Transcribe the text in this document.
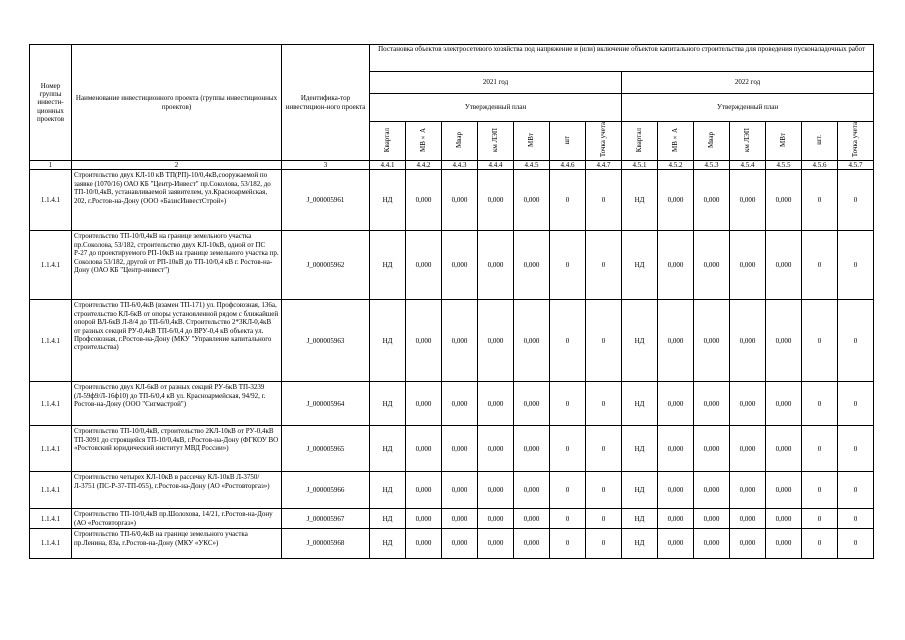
Номер группы инвести-ционных проектов	Наименование инвестиционного проекта (группы инвестиционных проектов)	Идентифика-тор инвестицион-ного проекта	Постановка объектов электросетевого хозяйства под напряжение и (или) включение объектов капитального строительства для проведения пусконаладочных работ													
			2021 год							2022 год						
			Утвержденный план							Утвержденный план						
			Квартал	МВ×А	Мвар	км ЛЭП	МВт	шт	Точка учета	Квартал	МВ×А	Мвар	км ЛЭП	МВт	шт.	Точка учета
1	2	3	4.4.1	4.4.2	4.4.3	4.4.4	4.4.5	4.4.6	4.4.7	4.5.1	4.5.2	4.5.3	4.5.4	4.5.5	4.5.6	4.5.7
1.1.4.1	Строительство двух КЛ-10 кВ ТП(РП)-10/0,4кВ,сооружаемой по заявке (1070/16) ОАО КБ "Центр-Инвест" пр.Соколова, 53/182, до ТП-10/0,4кВ, устанавливаемой заявителем, ул.Красноармейская, 202, г.Ростов-на-Дону (ООО «БазисИнвестСтрой»)	J_000005961	НД	0,000	0,000	0,000	0,000	0	0	НД	0,000	0,000	0,000	0,000	0	0
1.1.4.1	Строительство ТП-10/0,4кВ на границе земельного участка пр.Соколова, 53/182, строительство двух КЛ-10кВ, одной от ПС Р-27 до проектируемого РП-10кВ на границе земельного участка пр. Соколова 53/182, другой от РП-10кВ до ТП-10/0,4 кВ г. Ростов-на-Дону (ОАО КБ "Центр-инвест")	J_000005962	НД	0,000	0,000	0,000	0,000	0	0	НД	0,000	0,000	0,000	0,000	0	0
1.1.4.1	Строительство ТП-6/0,4кВ (взамен ТП-171) ул. Профсоюзная, 136а, строительство КЛ-6кВ от опоры установленной рядом с ближайшей опорой ВЛ-6кВ Л-8/4 до ТП-6/0,4кВ. Строительство 2*3КЛ-0,4кВ от разных секций РУ-0,4кВ ТП-6/0,4 до ВРУ-0,4 кВ объекта ул. Профсоюзная, г.Ростов-на-Дону (МКУ "Управление капитального строительства)	J_000005963	НД	0,000	0,000	0,000	0,000	0	0	НД	0,000	0,000	0,000	0,000	0	0
1.1.4.1	Строительство двух КЛ-6кВ от разных секций РУ-6кВ ТП-3239 (Л-59ф9/Л-16ф10) до ТП-6/0,4 кВ ул. Красноармейская, 94/92, г. Ростов-на-Дону (ООО "Сигмастрой")	J_000005964	НД	0,000	0,000	0,000	0,000	0	0	НД	0,000	0,000	0,000	0,000	0	0
1.1.4.1	Строительство ТП-10/0,4кВ, строительство 2КЛ-10кВ от РУ-0,4кВ ТП-3091 до строящейся ТП-10/0,4кВ, г.Ростов-на-Дону (ФГКОУ ВО «Ростовский юридический институт МВД России»)	J_000005965	НД	0,000	0,000	0,000	0,000	0	0	НД	0,000	0,000	0,000	0,000	0	0
1.1.4.1	Строительство четырех КЛ-10кВ в рассечку КЛ-10кВ Л-3750/Л-3751 (ПС-Р-37-ТП-055), г.Ростов-на-Дону (АО «Ростовторгаз»)	J_000005966	НД	0,000	0,000	0,000	0,000	0	0	НД	0,000	0,000	0,000	0,000	0	0
1.1.4.1	Строительство ТП-10/0,4кВ пр.Шолохова, 14/21, г.Ростов-на-Дону (АО «Ростовторгаз»)	J_000005967	НД	0,000	0,000	0,000	0,000	0	0	НД	0,000	0,000	0,000	0,000	0	0
1.1.4.1	Строительство ТП-6/0,4кВ на границе земельного участка пр.Ленина, 83а, г.Ростов-на-Дону (МКУ «УКС»)	J_000005968	НД	0,000	0,000	0,000	0,000	0	0	НД	0,000	0,000	0,000	0,000	0	0
